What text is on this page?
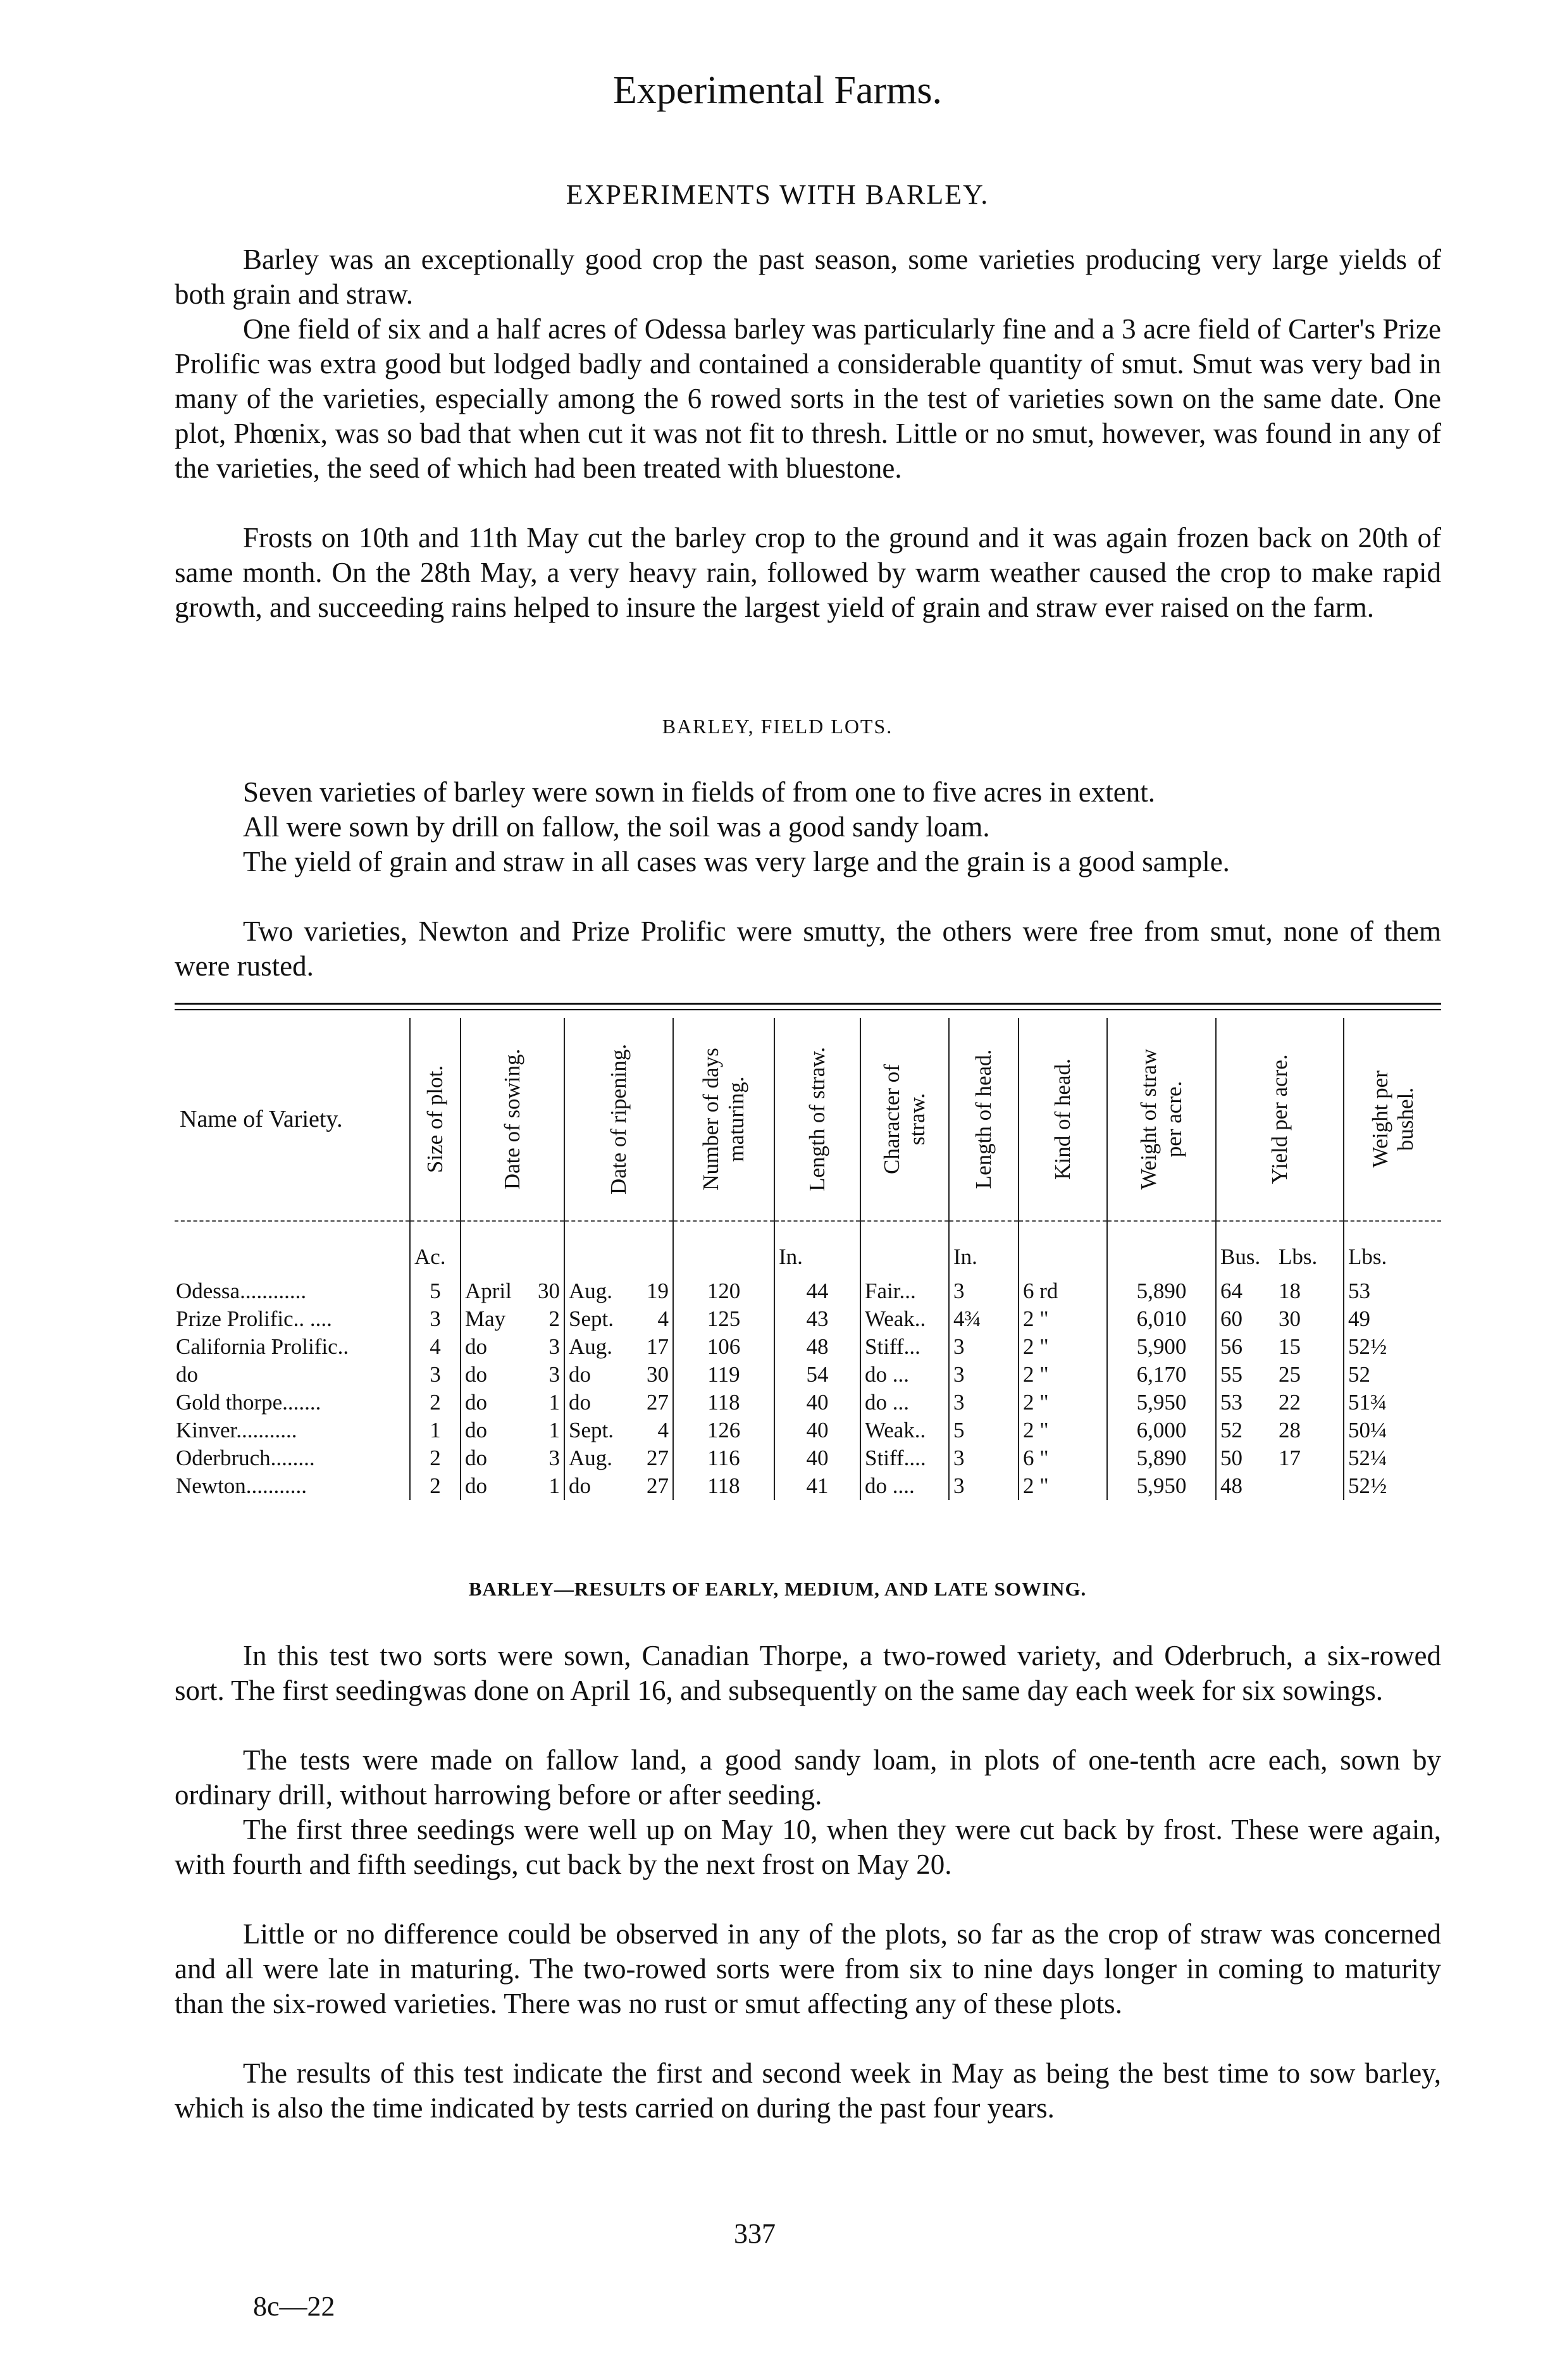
Experimental Farms.
EXPERIMENTS WITH BARLEY.

Barley was an exceptionally good crop the past season, some varieties producing very large yields of both grain and straw.

One field of six and a half acres of Odessa barley was particularly fine and a 3 acre field of Carter's Prize Prolific was extra good but lodged badly and contained a considerable quantity of smut. Smut was very bad in many of the varieties, especially among the 6 rowed sorts in the test of varieties sown on the same date. One plot, Phœnix, was so bad that when cut it was not fit to thresh. Little or no smut, however, was found in any of the varieties, the seed of which had been treated with bluestone.

Frosts on 10th and 11th May cut the barley crop to the ground and it was again frozen back on 20th of same month. On the 28th May, a very heavy rain, followed by warm weather caused the crop to make rapid growth, and succeeding rains helped to insure the largest yield of grain and straw ever raised on the farm.

BARLEY, FIELD LOTS.

Seven varieties of barley were sown in fields of from one to five acres in extent.

All were sown by drill on fallow, the soil was a good sandy loam.

The yield of grain and straw in all cases was very large and the grain is a good sample.

Two varieties, Newton and Prize Prolific were smutty, the others were free from smut, none of them were rusted.

Name of Variety.	Size of plot.	Date of sowing.	Date of ripening.	Number of days maturing.	Length of straw.	Character of straw.	Length of head.	Kind of head.	Weight of straw per acre.	Yield per acre.	Weight per bushel.

	Ac.				In.		In.			Bus. Lbs.	Lbs.
Odessa............	5	April 30	Aug. 19	120	44	Fair...	3	6 rd	5,890	64 18	53
Prize Prolific.. ....	3	May 2	Sept. 4	125	43	Weak..	4¾	2 "	6,010	60 30	49
California Prolific..	4	do 3	Aug. 17	106	48	Stiff...	3	2 "	5,900	56 15	52½
do	3	do 3	do 30	119	54	do ...	3	2 "	6,170	55 25	52
Gold thorpe.......	2	do 1	do 27	118	40	do ...	3	2 "	5,950	53 22	51¾
Kinver...........	1	do 1	Sept. 4	126	40	Weak..	5	2 "	6,000	52 28	50¼
Oderbruch........	2	do 3	Aug. 27	116	40	Stiff....	3	6 "	5,890	50 17	52¼
Newton...........	2	do 1	do 27	118	41	do ....	3	2 "	5,950	48	52½
BARLEY—RESULTS OF EARLY, MEDIUM, AND LATE SOWING.

In this test two sorts were sown, Canadian Thorpe, a two-rowed variety, and Oderbruch, a six-rowed sort. The first seedingwas done on April 16, and subsequently on the same day each week for six sowings.

The tests were made on fallow land, a good sandy loam, in plots of one-tenth acre each, sown by ordinary drill, without harrowing before or after seeding.

The first three seedings were well up on May 10, when they were cut back by frost. These were again, with fourth and fifth seedings, cut back by the next frost on May 20.

Little or no difference could be observed in any of the plots, so far as the crop of straw was concerned and all were late in maturing. The two-rowed sorts were from six to nine days longer in coming to maturity than the six-rowed varieties. There was no rust or smut affecting any of these plots.

The results of this test indicate the first and second week in May as being the best time to sow barley, which is also the time indicated by tests carried on during the past four years.

337
8c—22
